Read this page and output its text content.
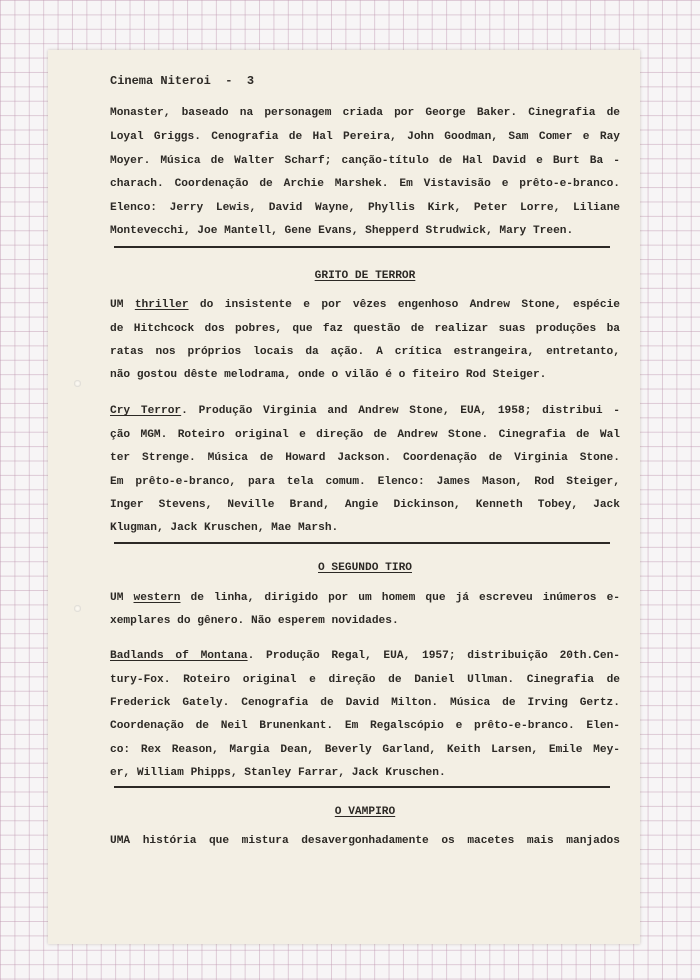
Cinema Niteroi  -  3
Monaster, baseado na personagem criada por George Baker. Cinegrafia de
Loyal Griggs. Cenografia de Hal Pereira, John Goodman, Sam Comer e Ray
Moyer. Música de Walter Scharf; canção-título de Hal David e Burt Ba -
charach. Coordenação de Archie Marshek. Em Vistavisão e prêto-e-branco.
Elenco: Jerry Lewis, David Wayne, Phyllis Kirk, Peter Lorre, Liliane
Montevecchi, Joe Mantell, Gene Evans, Shepperd Strudwick, Mary Treen.
GRITO DE TERROR
UM thriller do insistente e por vêzes engenhoso Andrew Stone, espécie
de Hitchcock dos pobres, que faz questão de realizar suas produções ba
ratas nos próprios locais da ação. A crítica estrangeira, entretanto,
não gostou dêste melodrama, onde o vilão é o fiteiro Rod Steiger.
Cry Terror. Produção Virginia and Andrew Stone, EUA, 1958; distribui -
ção MGM. Roteiro original e direção de Andrew Stone. Cinegrafia de Wal
ter Strenge. Música de Howard Jackson. Coordenação de Virginia Stone.
Em prêto-e-branco, para tela comum. Elenco: James Mason, Rod Steiger,
Inger Stevens, Neville Brand, Angie Dickinson, Kenneth Tobey, Jack
Klugman, Jack Kruschen, Mae Marsh.
O SEGUNDO TIRO
UM western de linha, dirigido por um homem que já escreveu inúmeros e-
xemplares do gênero. Não esperem novidades.
Badlands of Montana. Produção Regal, EUA, 1957; distribuição 20th.Cen-
tury-Fox. Roteiro original e direção de Daniel Ullman. Cinegrafia de
Frederick Gately. Cenografia de David Milton. Música de Irving Gertz.
Coordenação de Neil Brunenkant. Em Regalscópio e prêto-e-branco. Elen-
co: Rex Reason, Margia Dean, Beverly Garland, Keith Larsen, Emile Mey-
er, William Phipps, Stanley Farrar, Jack Kruschen.
O VAMPIRO
UMA história que mistura desavergonhadamente os macetes mais manjados
